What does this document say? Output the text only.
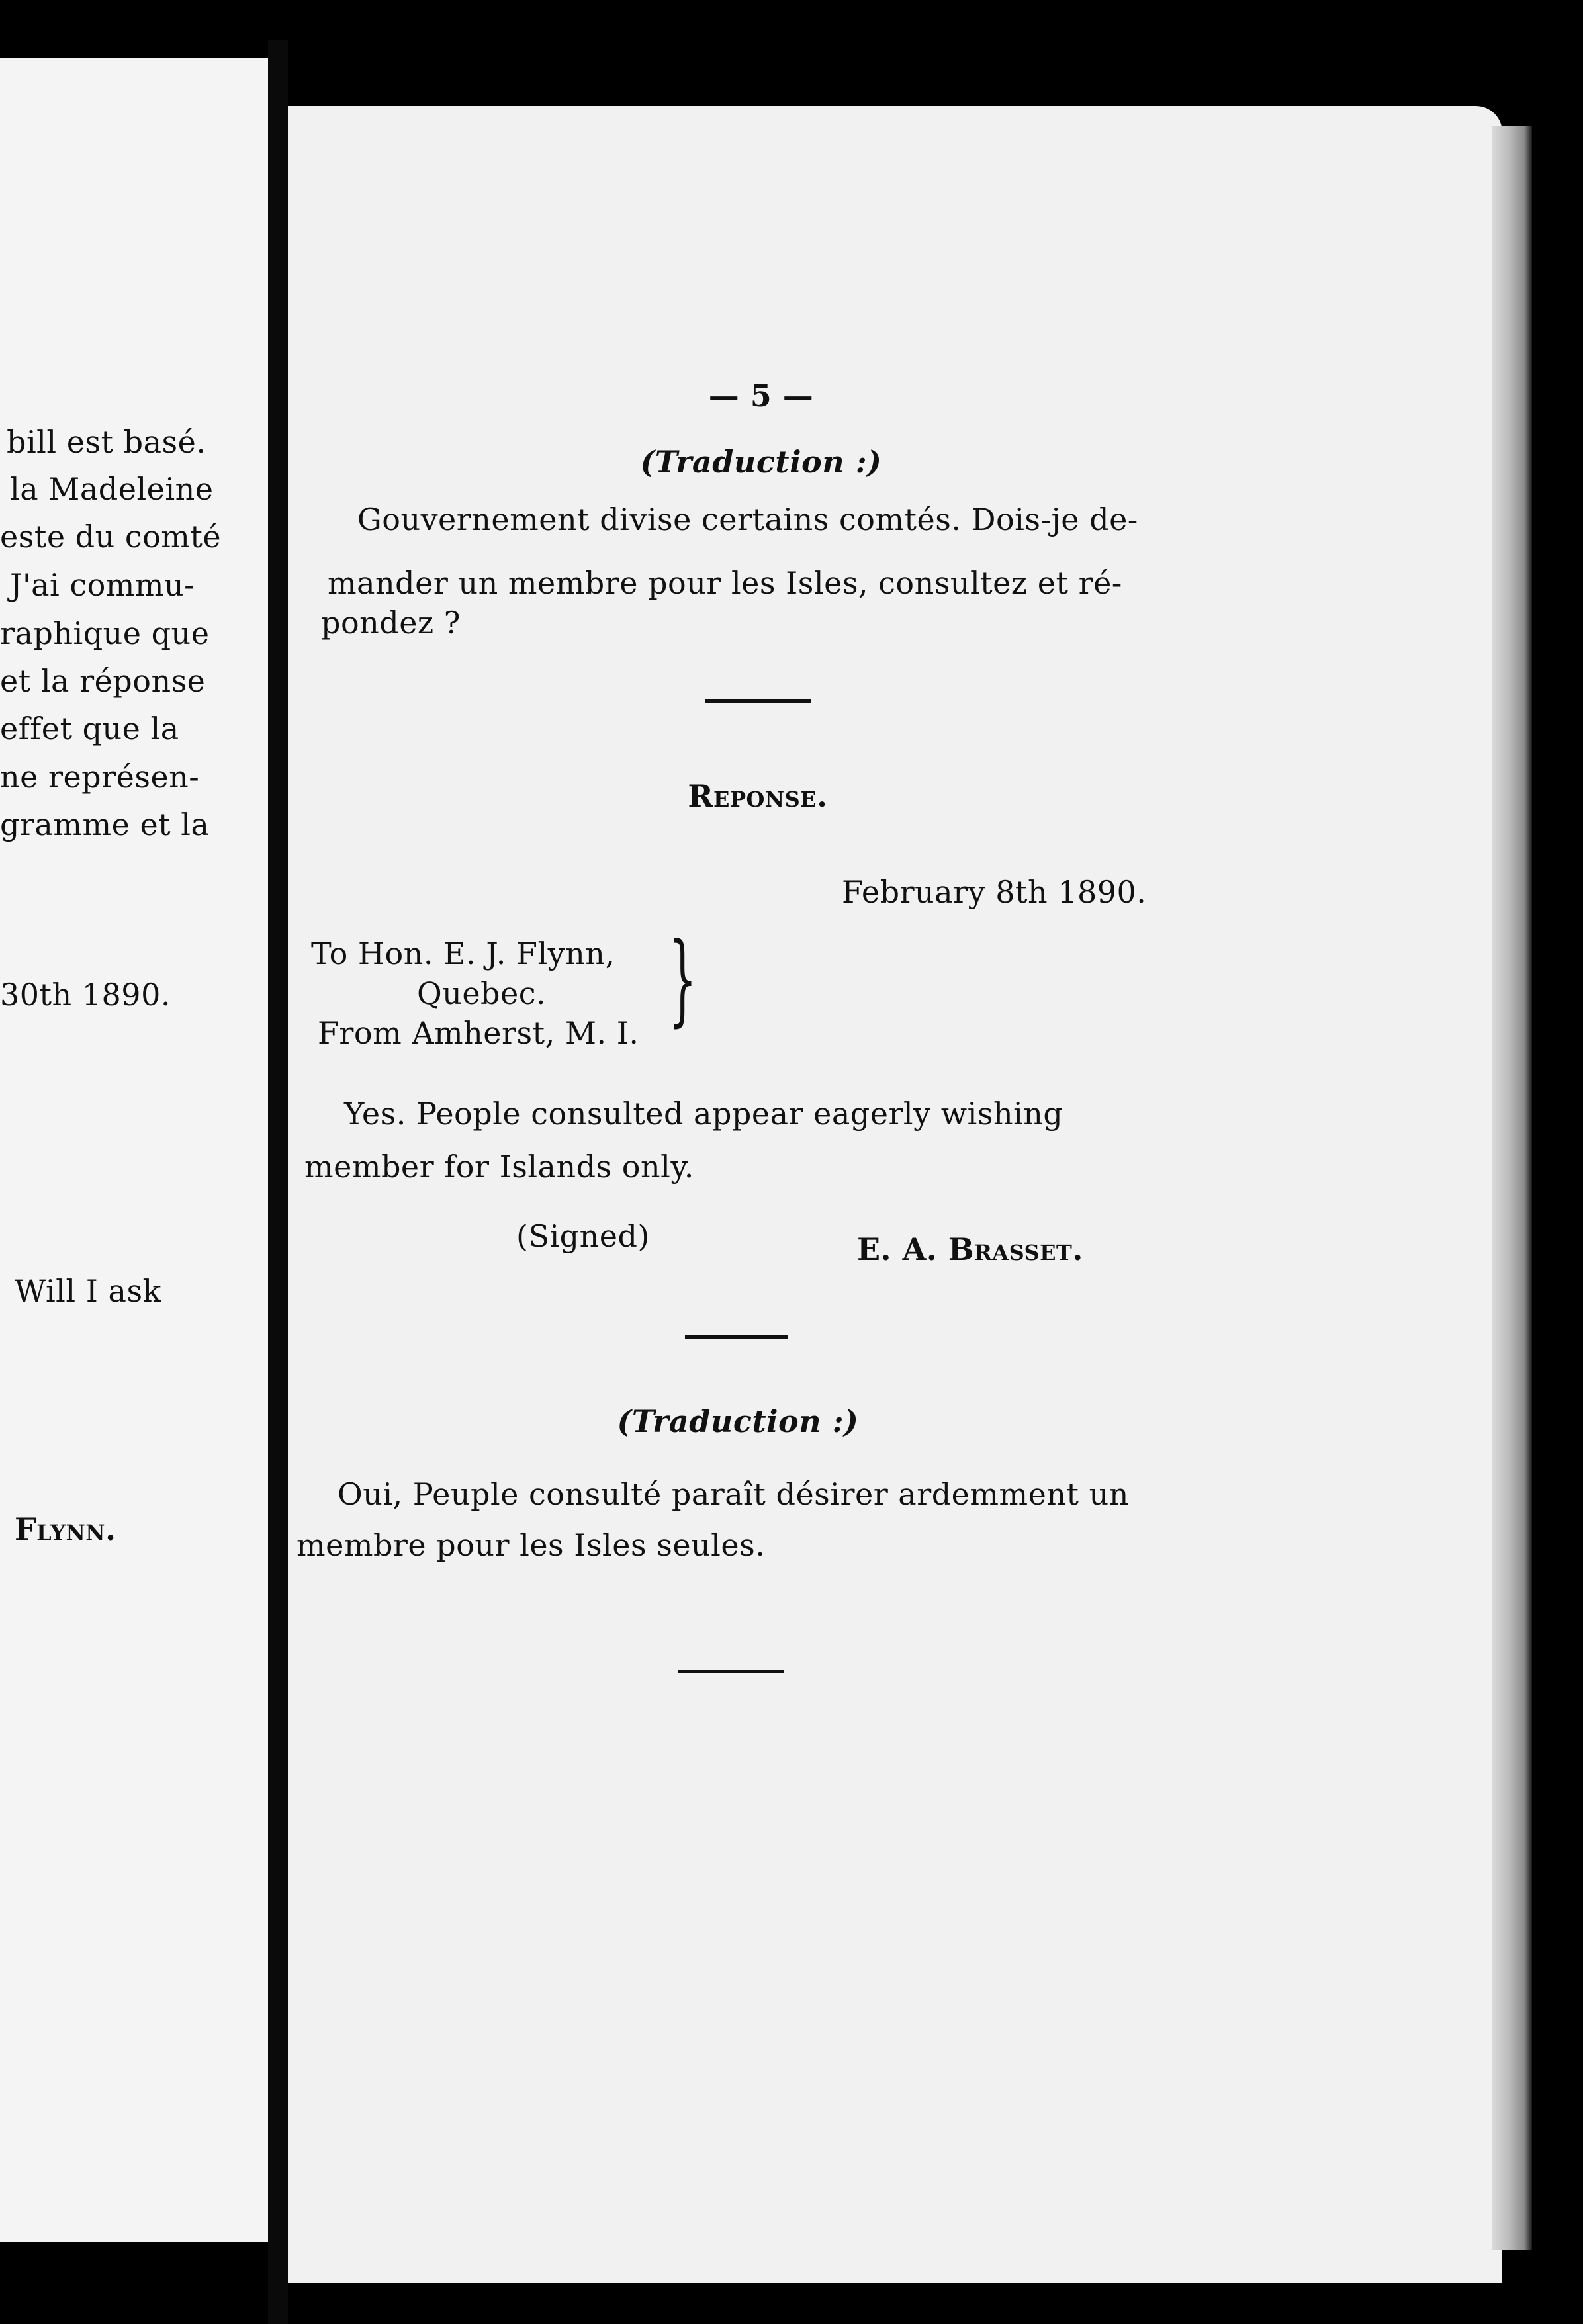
bill est basé.
la Madeleine
este du comté
J'ai commu-
raphique que
et la réponse
effet que la
ne représen-
gramme et la
30th 1890.
Will I ask
Flynn.
— 5 —
(Traduction :)
Gouvernement divise certains comtés. Dois-je de-
mander un membre pour les Isles, consultez et ré-
pondez ?
Reponse.
February 8th 1890.
To Hon. E. J. Flynn,
Quebec.
From Amherst, M. I. }
Yes. People consulted appear eagerly wishing
member for Islands only.
(Signed)	E. A. Brasset.
(Traduction :)
Oui, Peuple consulté paraît désirer ardemment un
membre pour les Isles seules.
